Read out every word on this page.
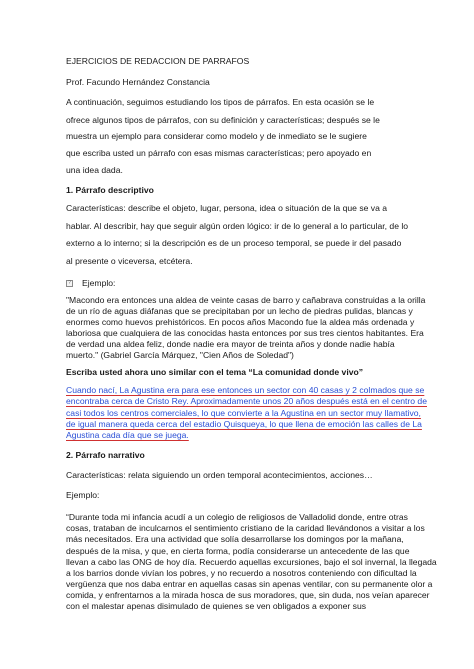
EJERCICIOS DE REDACCION DE PARRAFOS
Prof. Facundo Hernández Constancia
A continuación, seguimos estudiando los tipos de párrafos. En esta ocasión se le
ofrece algunos tipos de párrafos, con su definición y características; después se le
muestra un ejemplo para considerar como modelo y de inmediato se le sugiere
que escriba usted un párrafo con esas mismas características; pero apoyado en
una idea dada.
1. Párrafo descriptivo
Características: describe el objeto, lugar, persona, idea o situación de la que se va a
hablar. Al describir, hay que seguir algún orden lógico: ir de lo general a lo particular, de lo
externo a lo interno; si la descripción es de un proceso temporal, se puede ir del pasado
al presente o viceversa, etcétera.
? Ejemplo:
"Macondo era entonces una aldea de veinte casas de barro y cañabrava construidas a la orilla
de un río de aguas diáfanas que se precipitaban por un lecho de piedras pulidas, blancas y
enormes como huevos prehistóricos. En pocos años Macondo fue la aldea más ordenada y
laboriosa que cualquiera de las conocidas hasta entonces por sus tres cientos habitantes. Era
de verdad una aldea feliz, donde nadie era mayor de treinta años y donde nadie había
muerto." (Gabriel García Márquez, "Cien Años de Soledad")
Escriba usted ahora uno similar con el tema “La comunidad donde vivo”
Cuando nací, La Agustina era para ese entonces un sector con 40 casas y 2 colmados que se
encontraba cerca de Cristo Rey. Aproximadamente unos 20 años después está en el centro de
casi todos los centros comerciales, lo que convierte a la Agustina en un sector muy llamativo,
de igual manera queda cerca del estadio Quisqueya, lo que llena de emoción las calles de La
Agustina cada día que se juega.
2. Párrafo narrativo
Características: relata siguiendo un orden temporal acontecimientos, acciones…
Ejemplo:
“Durante toda mi infancia acudí a un colegio de religiosos de Valladolid donde, entre otras
cosas, trataban de inculcarnos el sentimiento cristiano de la caridad llevándonos a visitar a los
más necesitados. Era una actividad que solía desarrollarse los domingos por la mañana,
después de la misa, y que, en cierta forma, podía considerarse un antecedente de las que
llevan a cabo las ONG de hoy día. Recuerdo aquellas excursiones, bajo el sol invernal, la llegada
a los barrios donde vivían los pobres, y no recuerdo a nosotros conteniendo con dificultad la
vergüenza que nos daba entrar en aquellas casas sin apenas ventilar, con su permanente olor a
comida, y enfrentarnos a la mirada hosca de sus moradores, que, sin duda, nos veían aparecer
con el malestar apenas disimulado de quienes se ven obligados a exponer sus
